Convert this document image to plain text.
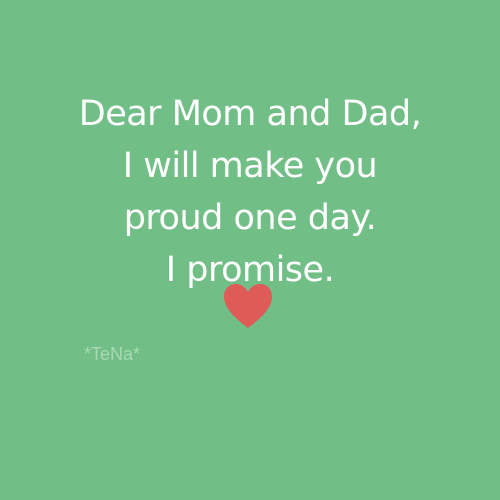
Dear Mom and Dad,
I will make you
proud one day.
I promise.
*TeNa*
